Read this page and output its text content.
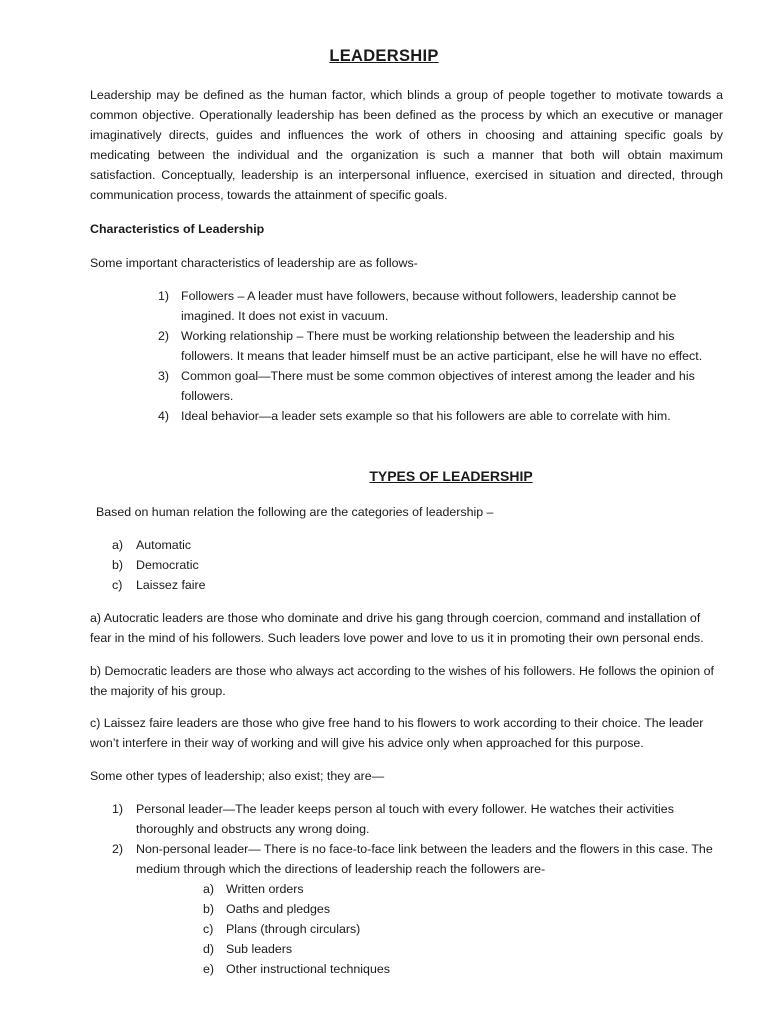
LEADERSHIP

Leadership may be defined as the human factor, which blinds a group of people together to motivate towards a common objective. Operationally leadership has been defined as the process by which an executive or manager imaginatively directs, guides and influences the work of others in choosing and attaining specific goals by medicating between the individual and the organization is such a manner that both will obtain maximum satisfaction. Conceptually, leadership is an interpersonal influence, exercised in situation and directed, through communication process, towards the attainment of specific goals.

Characteristics of Leadership
Some important characteristics of leadership are as follows-
1) Followers – A leader must have followers, because without followers, leadership cannot be imagined. It does not exist in vacuum.
2) Working relationship – There must be working relationship between the leadership and his followers. It means that leader himself must be an active participant, else he will have no effect.
3) Common goal—There must be some common objectives of interest among the leader and his followers.
4) Ideal behavior—a leader sets example so that his followers are able to correlate with him.
TYPES OF LEADERSHIP
Based on human relation the following are the categories of leadership –
a) Automatic
b) Democratic
c) Laissez faire

a) Autocratic leaders are those who dominate and drive his gang through coercion, command and installation of fear in the mind of his followers. Such leaders love power and love to us it in promoting their own personal ends.

b) Democratic leaders are those who always act according to the wishes of his followers. He follows the opinion of the majority of his group.

c) Laissez faire leaders are those who give free hand to his flowers to work according to their choice. The leader won’t interfere in their way of working and will give his advice only when approached for this purpose.

Some other types of leadership; also exist; they are—
1) Personal leader—The leader keeps person al touch with every follower. He watches their activities thoroughly and obstructs any wrong doing.
2) Non-personal leader— There is no face-to-face link between the leaders and the flowers in this case. The medium through which the directions of leadership reach the followers are-
a) Written orders
b) Oaths and pledges
c) Plans (through circulars)
d) Sub leaders
e) Other instructional techniques
